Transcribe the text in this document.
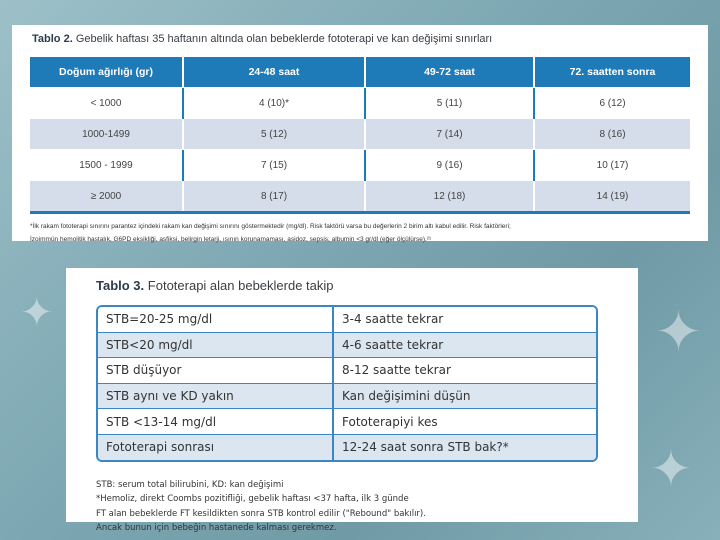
✦
✦
✦
Tablo 2. Gebelik haftası 35 haftanın altında olan bebeklerde fototerapi ve kan değişimi sınırları
Doğum ağırlığı (gr)	24-48 saat	49-72 saat	72. saatten sonra
< 1000	4 (10)*	5 (11)	6 (12)
1000-1499	5 (12)	7 (14)	8 (16)
1500 - 1999	7 (15)	9 (16)	10 (17)
≥ 2000	8 (17)	12 (18)	14 (19)
*İlk rakam fototerapi sınırını parantez içindeki rakam kan değişimi sınırını göstermektedir (mg/dl). Risk faktörü varsa bu değerlerin 2 birim altı kabul edilir. Risk faktörleri;
İzoimmün hemolitik hastalık, G6PD eksikliği, asfiksi, belirgin letarji, ısının korunamaması, asidoz, sepsis, albumin <3 gr/dl (eğer ölçülürse).²¹
Tablo 3. Fototerapi alan bebeklerde takip
STB=20-25 mg/dl	3-4 saatte tekrar
STB<20 mg/dl	4-6 saatte tekrar
STB düşüyor	8-12 saatte tekrar
STB aynı ve KD yakın	Kan değişimini düşün
STB <13-14 mg/dl	Fototerapiyi kes
Fototerapi sonrası	12-24 saat sonra STB bak?*
STB: serum total bilirubini, KD: kan değişimi
*Hemoliz, direkt Coombs pozitifliği, gebelik haftası <37 hafta, ilk 3 günde
FT alan bebeklerde FT kesildikten sonra STB kontrol edilir ("Rebound" bakılır).
Ancak bunun için bebeğin hastanede kalması gerekmez.
